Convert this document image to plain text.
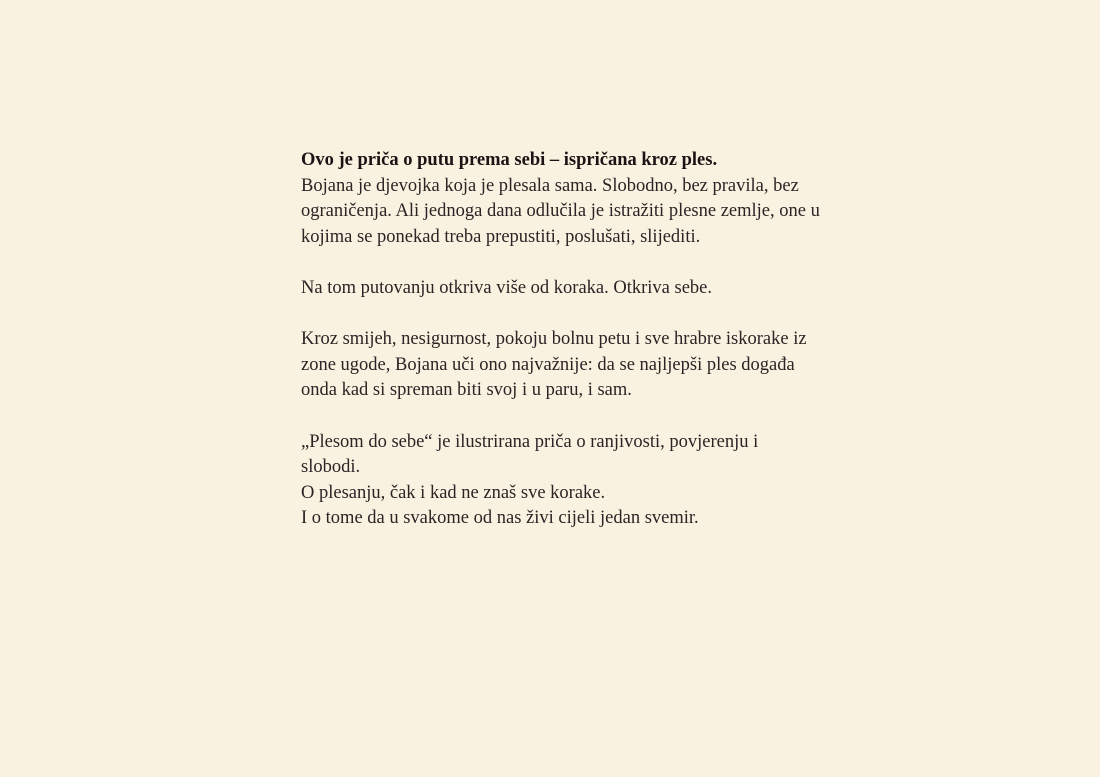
Ovo je priča o putu prema sebi – ispričana kroz ples.

Bojana je djevojka koja je plesala sama. Slobodno, bez pravila, bez ograničenja. Ali jednoga dana odlučila je istražiti plesne zemlje, one u kojima se ponekad treba prepustiti, poslušati, slijediti.

Na tom putovanju otkriva više od koraka. Otkriva sebe.

Kroz smijeh, nesigurnost, pokoju bolnu petu i sve hrabre iskorake iz zone ugode, Bojana uči ono najvažnije: da se najljepši ples događa onda kad si spreman biti svoj i u paru, i sam.

„Plesom do sebe“ je ilustrirana priča o ranjivosti, povjerenju i slobodi.

O plesanju, čak i kad ne znaš sve korake.

I o tome da u svakome od nas živi cijeli jedan svemir.
